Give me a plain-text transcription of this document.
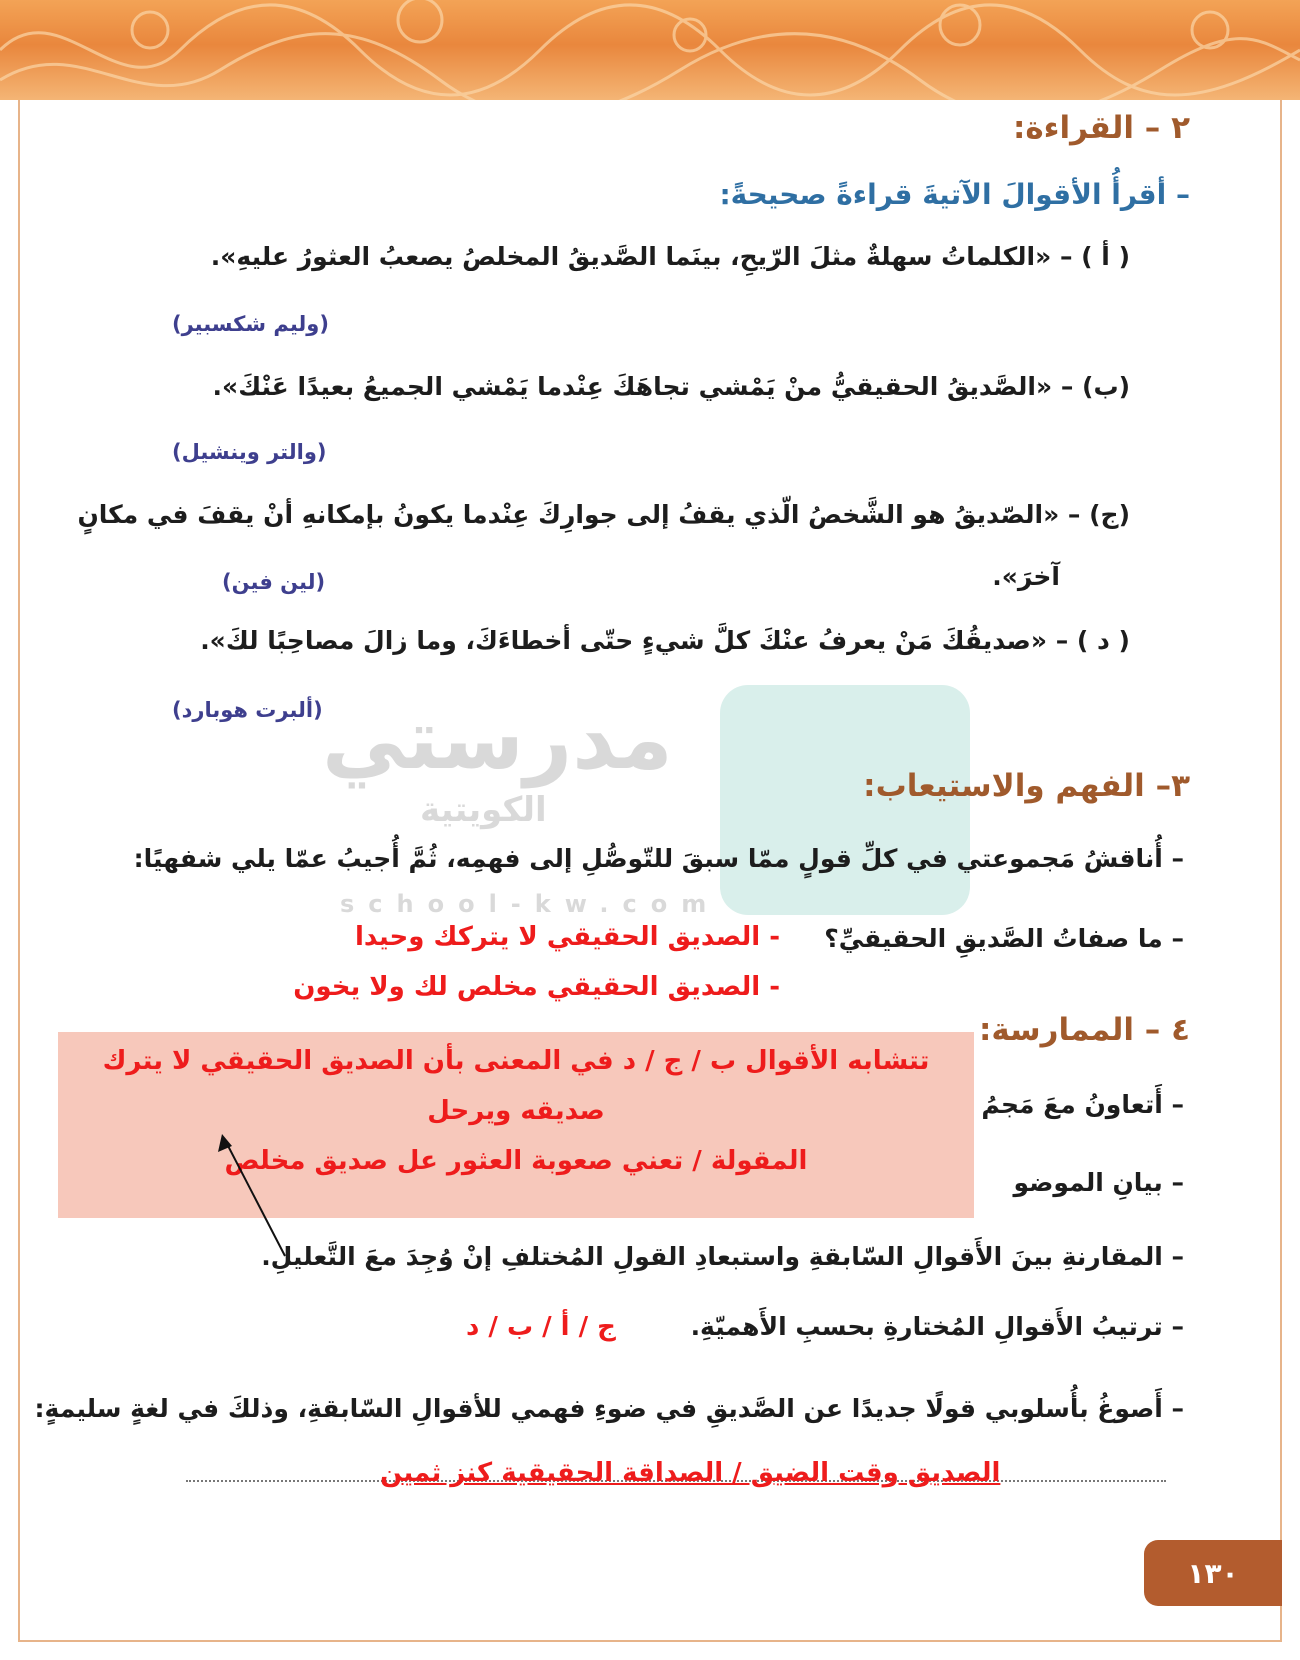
مدرستي
الكويتية
school-kw.com
٢ – القراءة:
– أقرأُ الأقوالَ الآتيةَ قراءةً صحيحةً:
( أ ) – «الكلماتُ سهلةٌ مثلَ الرّيحِ، بينَما الصَّديقُ المخلصُ يصعبُ العثورُ عليهِ».
(وليم شكسبير)
(ب) – «الصَّديقُ الحقيقيُّ منْ يَمْشي تجاهَكَ عِنْدما يَمْشي الجميعُ بعيدًا عَنْكَ».
(والتر وينشيل)
(ج) – «الصّديقُ هو الشَّخصُ الّذي يقفُ إلى جوارِكَ عِنْدما يكونُ بإمكانهِ أنْ يقفَ في مكانٍ
آخرَ».
(لين فين)
( د ) – «صديقُكَ مَنْ يعرفُ عنْكَ كلَّ شيءٍ حتّى أخطاءَكَ، وما زالَ مصاحِبًا لكَ».
(ألبرت هوبارد)
٣– الفهم والاستيعاب:
– أُناقشُ مَجموعتي في كلِّ قولٍ ممّا سبقَ للتّوصُّلِ إلى فهمِه، ثُمَّ أُجيبُ عمّا يلي شفهيًا:
– ما صفاتُ الصَّديقِ الحقيقيِّ؟
- الصديق الحقيقي لا يتركك وحيدا
- الصديق الحقيقي مخلص لك ولا يخون
٤ – الممارسة:
– أَتعاونُ معَ مَجمُ
– بيانِ الموضو
تتشابه الأقوال ب / ج / د في المعنى بأن الصديق الحقيقي لا يترك
صديقه ويرحل
المقولة / تعني صعوبة العثور عل صديق مخلص
– المقارنةِ بينَ الأَقوالِ السّابقةِ واستبعادِ القولِ المُختلفِ إنْ وُجِدَ معَ التَّعليلِ.
– ترتيبُ الأَقوالِ المُختارةِ بحسبِ الأَهميّةِ.
ج / أ / ب / د
– أَصوغُ بأُسلوبي قولًا جديدًا عن الصَّديقِ في ضوءِ فهمي للأقوالِ السّابقةِ، وذلكَ في لغةٍ سليمةٍ:
الصديق وقت الضيق / الصداقة الحقيقية كنز ثمين
١٣٠
